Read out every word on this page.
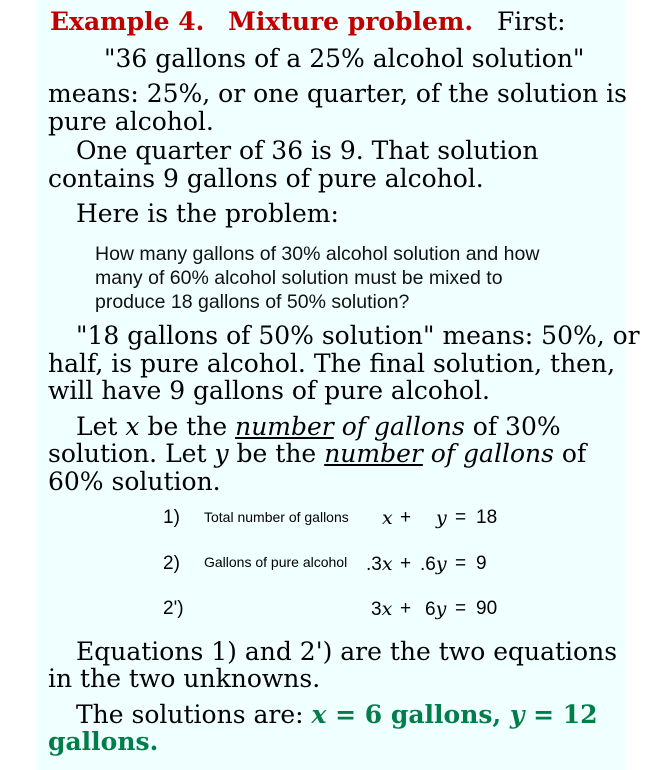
Example 4. Mixture problem. First:
"36 gallons of a 25% alcohol solution"
means: 25%, or one quarter, of the solution is
pure alcohol.
One quarter of 36 is 9. That solution
contains 9 gallons of pure alcohol.
Here is the problem:
How many gallons of 30% alcohol solution and how
many of 60% alcohol solution must be mixed to
produce 18 gallons of 50% solution?
"18 gallons of 50% solution" means: 50%, or
half, is pure alcohol. The final solution, then,
will have 9 gallons of pure alcohol.
Let x be the number of gallons of 30%
solution. Let y be the number of gallons of
60% solution.
1) Total number of gallons x + y = 18
2) Gallons of pure alcohol .3x + .6y = 9
2')	3x + 6y = 90
Equations 1) and 2') are the two equations
in the two unknowns.
The solutions are: x = 6 gallons, y = 12
gallons.
